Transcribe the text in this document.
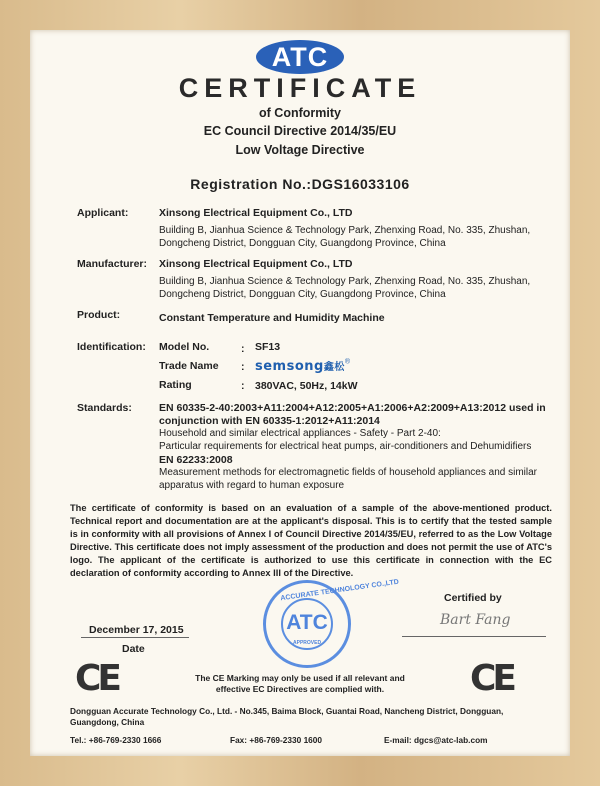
ATC
CERTIFICATE
of Conformity
EC Council Directive 2014/35/EU
Low Voltage Directive
Registration No.:DGS16033106
Applicant:	Xinsong Electrical Equipment Co., LTD
Building B, Jianhua Science & Technology Park, Zhenxing Road, No. 335, Zhushan,
Dongcheng District, Dongguan City, Guangdong Province, China
Manufacturer: Xinsong Electrical Equipment Co., LTD
Building B, Jianhua Science & Technology Park, Zhenxing Road, No. 335, Zhushan,
Dongcheng District, Dongguan City, Guangdong Province, China
Product:	Constant Temperature and Humidity Machine
Identification: Model No.	: SF13
Trade Name : semsong鑫松®
Rating	: 380VAC, 50Hz, 14kW
Standards:	EN 60335-2-40:2003+A11:2004+A12:2005+A1:2006+A2:2009+A13:2012 used in
conjunction with EN 60335-1:2012+A11:2014
Household and similar electrical appliances - Safety - Part 2-40:
Particular requirements for electrical heat pumps, air-conditioners and Dehumidifiers
EN 62233:2008
Measurement methods for electromagnetic fields of household appliances and similar
apparatus with regard to human exposure
The certificate of conformity is based on an evaluation of a sample of the above-mentioned product. Technical report and documentation are at the applicant's disposal. This is to certify that the tested sample is in conformity with all provisions of Annex I of Council Directive 2014/35/EU, referred to as the Low Voltage Directive. This certificate does not imply assessment of the production and does not permit the use of ATC's logo. The applicant of the certificate is authorized to use this certificate in connection with the EC declaration of conformity according to Annex III of the Directive.
Certified by
Bart Fang
December 17, 2015
Date
ACCURATE TECHNOLOGY CO.,LTD
ATC
APPROVED
CE	CE
The CE Marking may only be used if all relevant and
effective EC Directives are complied with.
Dongguan Accurate Technology Co., Ltd. - No.345, Baima Block, Guantai Road, Nancheng District, Dongguan,
Guangdong, China
Tel.: +86-769-2330 1666	Fax: +86-769-2330 1600	E-mail: dgcs@atc-lab.com
